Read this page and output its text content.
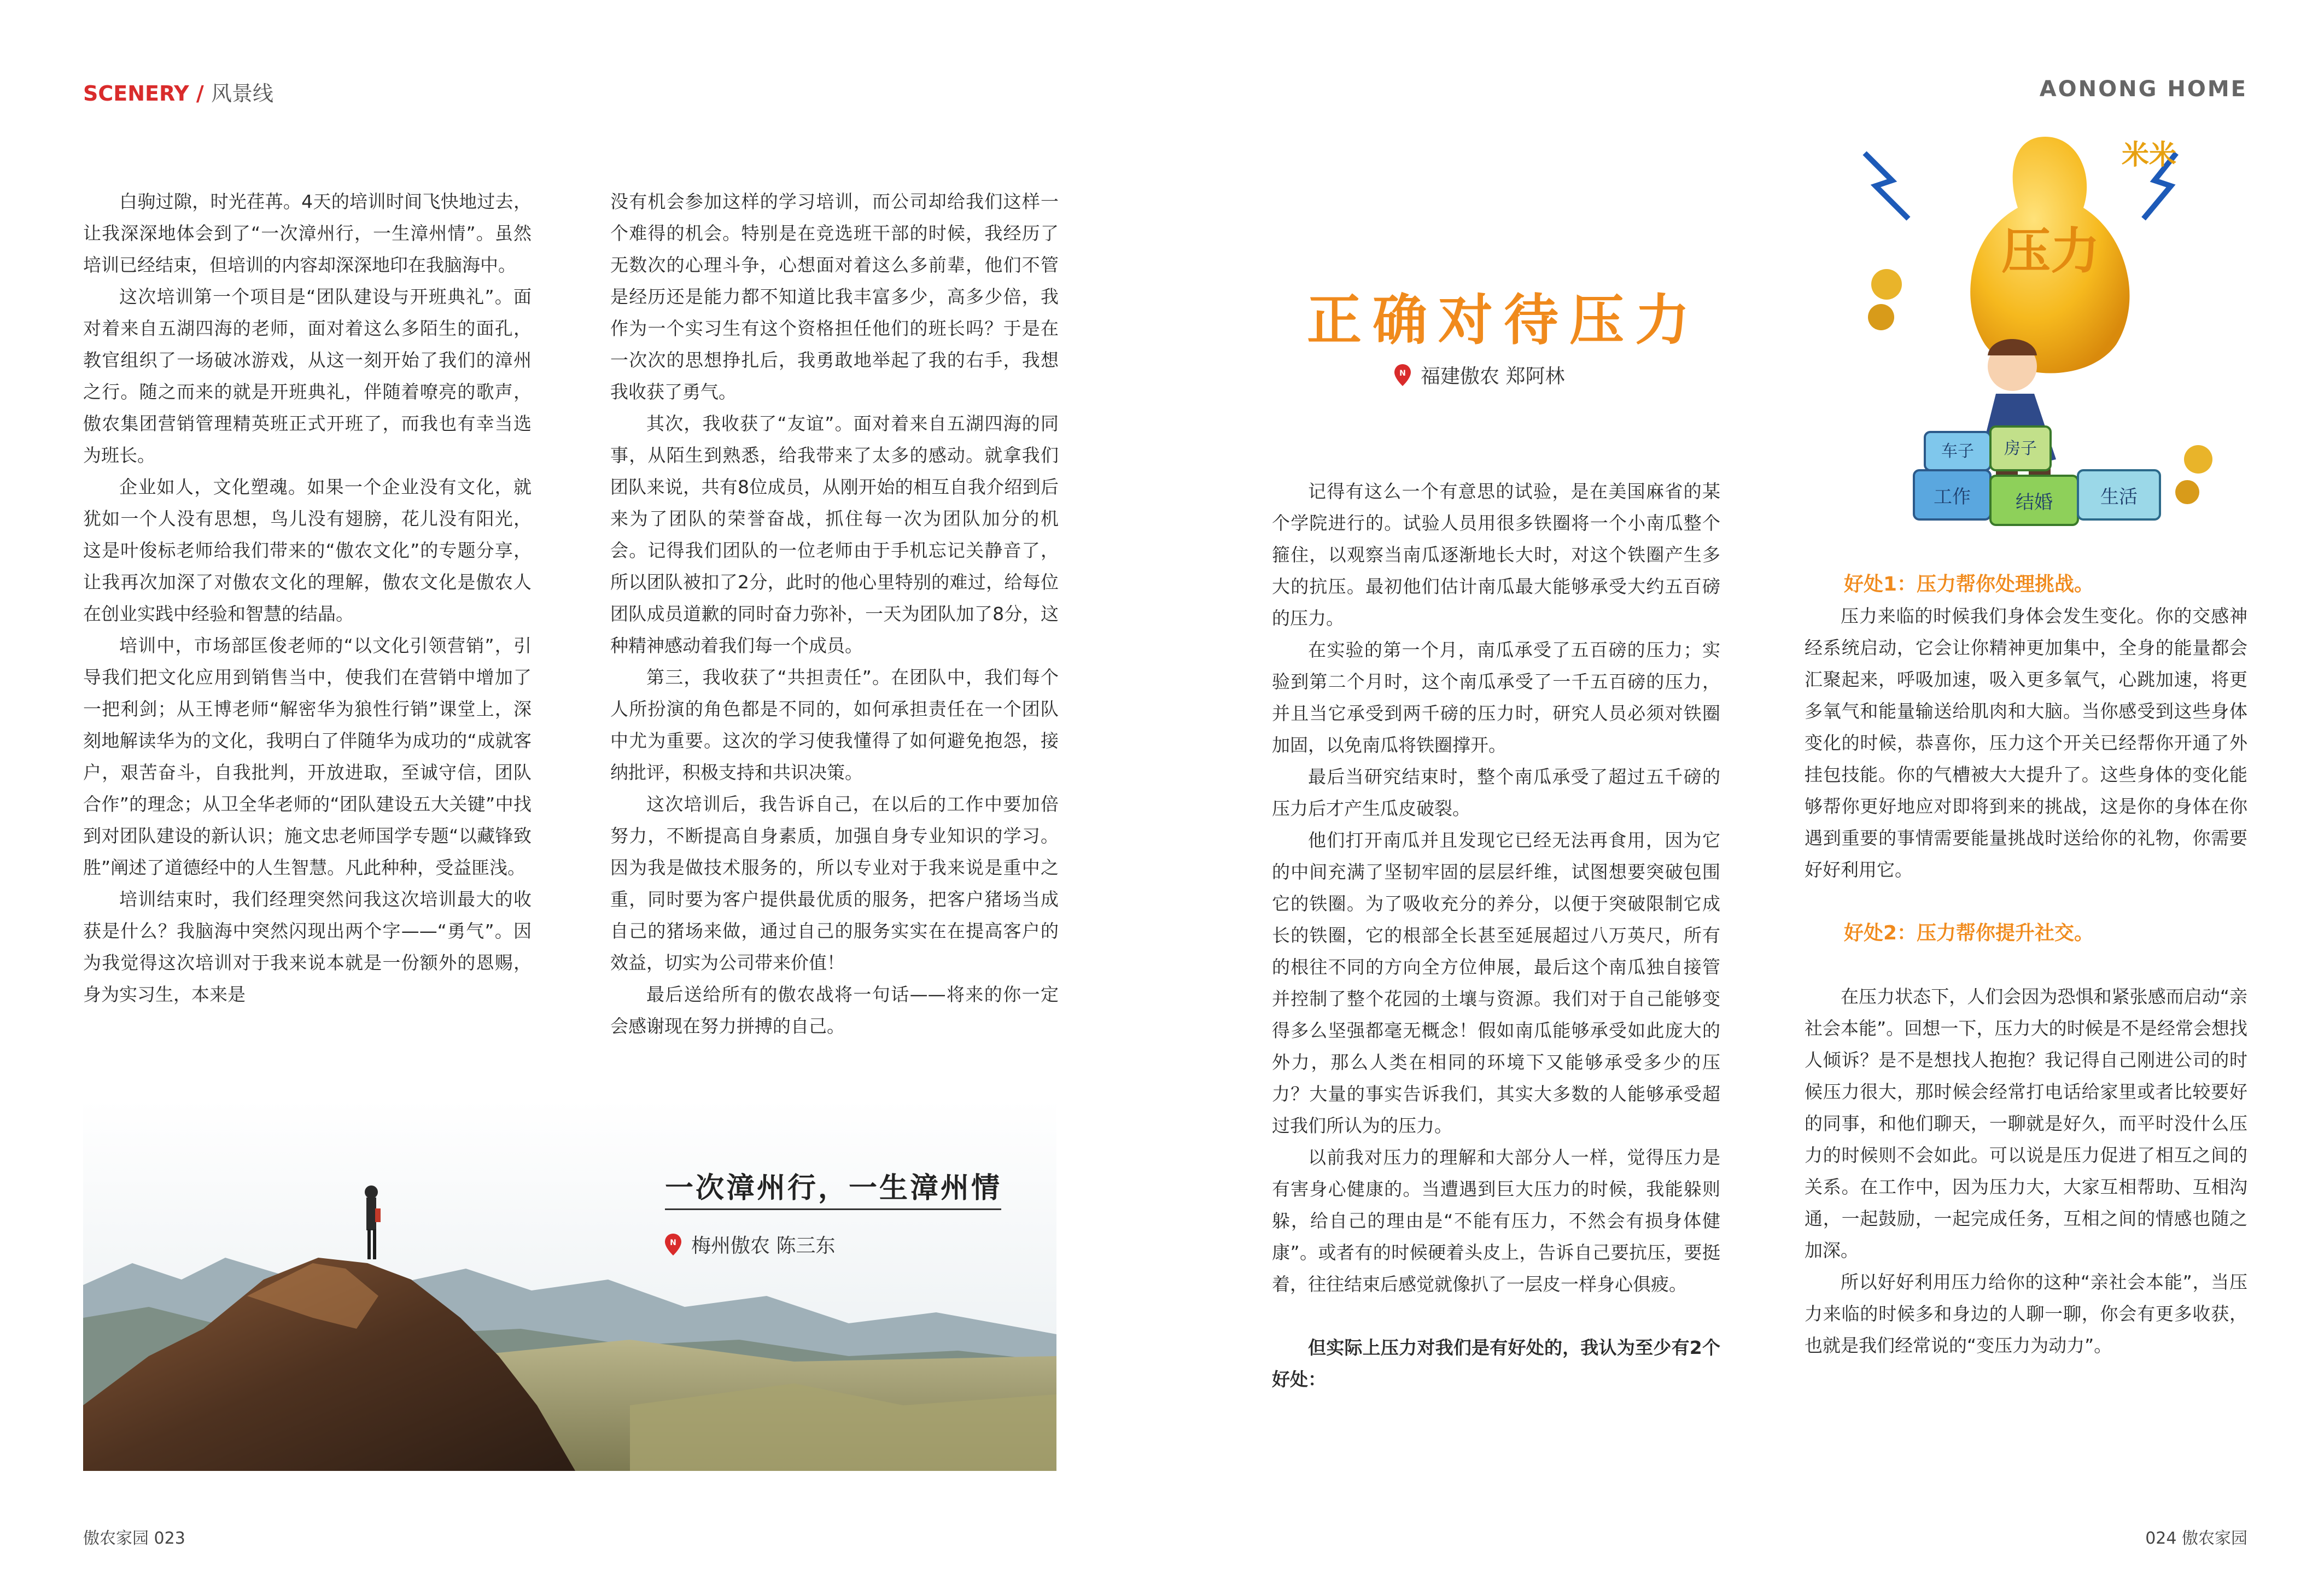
SCENERY / 风景线	AONONG HOME

白驹过隙，时光荏苒。4天的培训时间飞快地过去，让我深深地体会到了“一次漳州行，一生漳州情”。虽然培训已经结束，但培训的内容却深深地印在我脑海中。

这次培训第一个项目是“团队建设与开班典礼”。面对着来自五湖四海的老师，面对着这么多陌生的面孔，教官组织了一场破冰游戏，从这一刻开始了我们的漳州之行。随之而来的就是开班典礼，伴随着嘹亮的歌声，傲农集团营销管理精英班正式开班了，而我也有幸当选为班长。

企业如人，文化塑魂。如果一个企业没有文化，就犹如一个人没有思想，鸟儿没有翅膀，花儿没有阳光，这是叶俊标老师给我们带来的“傲农文化”的专题分享，让我再次加深了对傲农文化的理解，傲农文化是傲农人在创业实践中经验和智慧的结晶。

培训中，市场部匡俊老师的“以文化引领营销”，引导我们把文化应用到销售当中，使我们在营销中增加了一把利剑；从王博老师“解密华为狼性行销”课堂上，深刻地解读华为的文化，我明白了伴随华为成功的“成就客户，艰苦奋斗，自我批判，开放进取，至诚守信，团队合作”的理念；从卫全华老师的“团队建设五大关键”中找到对团队建设的新认识；施文忠老师国学专题“以藏锋致胜”阐述了道德经中的人生智慧。凡此种种，受益匪浅。

培训结束时，我们经理突然问我这次培训最大的收获是什么？我脑海中突然闪现出两个字——“勇气”。因为我觉得这次培训对于我来说本就是一份额外的恩赐，身为实习生，本来是

没有机会参加这样的学习培训，而公司却给我们这样一个难得的机会。特别是在竞选班干部的时候，我经历了无数次的心理斗争，心想面对着这么多前辈，他们不管是经历还是能力都不知道比我丰富多少，高多少倍，我作为一个实习生有这个资格担任他们的班长吗？于是在一次次的思想挣扎后，我勇敢地举起了我的右手，我想我收获了勇气。

其次，我收获了“友谊”。面对着来自五湖四海的同事，从陌生到熟悉，给我带来了太多的感动。就拿我们团队来说，共有8位成员，从刚开始的相互自我介绍到后来为了团队的荣誉奋战，抓住每一次为团队加分的机会。记得我们团队的一位老师由于手机忘记关静音了，所以团队被扣了2分，此时的他心里特别的难过，给每位团队成员道歉的同时奋力弥补，一天为团队加了8分，这种精神感动着我们每一个成员。

第三，我收获了“共担责任”。在团队中，我们每个人所扮演的角色都是不同的，如何承担责任在一个团队中尤为重要。这次的学习使我懂得了如何避免抱怨，接纳批评，积极支持和共识决策。

这次培训后，我告诉自己，在以后的工作中要加倍努力，不断提高自身素质，加强自身专业知识的学习。因为我是做技术服务的，所以专业对于我来说是重中之重，同时要为客户提供最优质的服务，把客户猪场当成自己的猪场来做，通过自己的服务实实在在提高客户的效益，切实为公司带来价值！

最后送给所有的傲农战将一句话——将来的你一定会感谢现在努力拼搏的自己。

一次漳州行，一生漳州情
N 梅州傲农 陈三东
正确对待压力
N 福建傲农 郑阿林

记得有这么一个有意思的试验，是在美国麻省的某个学院进行的。试验人员用很多铁圈将一个小南瓜整个箍住，以观察当南瓜逐渐地长大时，对这个铁圈产生多大的抗压。最初他们估计南瓜最大能够承受大约五百磅的压力。

在实验的第一个月，南瓜承受了五百磅的压力；实验到第二个月时，这个南瓜承受了一千五百磅的压力，并且当它承受到两千磅的压力时，研究人员必须对铁圈加固，以免南瓜将铁圈撑开。

最后当研究结束时，整个南瓜承受了超过五千磅的压力后才产生瓜皮破裂。

他们打开南瓜并且发现它已经无法再食用，因为它的中间充满了坚韧牢固的层层纤维，试图想要突破包围它的铁圈。为了吸收充分的养分，以便于突破限制它成长的铁圈，它的根部全长甚至延展超过八万英尺，所有的根往不同的方向全方位伸展，最后这个南瓜独自接管并控制了整个花园的土壤与资源。我们对于自己能够变得多么坚强都毫无概念！假如南瓜能够承受如此庞大的外力，那么人类在相同的环境下又能够承受多少的压力？大量的事实告诉我们，其实大多数的人能够承受超过我们所认为的压力。

以前我对压力的理解和大部分人一样，觉得压力是有害身心健康的。当遭遇到巨大压力的时候，我能躲则躲，给自己的理由是“不能有压力，不然会有损身体健康”。或者有的时候硬着头皮上，告诉自己要抗压，要挺着，往往结束后感觉就像扒了一层皮一样身心俱疲。

但实际上压力对我们是有好处的，我认为至少有2个好处：

压力
米米
车子 房子
工作 结婚	生活

好处1：压力帮你处理挑战。

压力来临的时候我们身体会发生变化。你的交感神经系统启动，它会让你精神更加集中，全身的能量都会汇聚起来，呼吸加速，吸入更多氧气，心跳加速，将更多氧气和能量输送给肌肉和大脑。当你感受到这些身体变化的时候，恭喜你，压力这个开关已经帮你开通了外挂包技能。你的气槽被大大提升了。这些身体的变化能够帮你更好地应对即将到来的挑战，这是你的身体在你遇到重要的事情需要能量挑战时送给你的礼物，你需要好好利用它。

好处2：压力帮你提升社交。

在压力状态下，人们会因为恐惧和紧张感而启动“亲社会本能”。回想一下，压力大的时候是不是经常会想找人倾诉？是不是想找人抱抱？我记得自己刚进公司的时候压力很大，那时候会经常打电话给家里或者比较要好的同事，和他们聊天，一聊就是好久，而平时没什么压力的时候则不会如此。可以说是压力促进了相互之间的关系。在工作中，因为压力大，大家互相帮助、互相沟通，一起鼓励，一起完成任务，互相之间的情感也随之加深。

所以好好利用压力给你的这种“亲社会本能”，当压力来临的时候多和身边的人聊一聊，你会有更多收获，也就是我们经常说的“变压力为动力”。

傲农家园 023	024 傲农家园
